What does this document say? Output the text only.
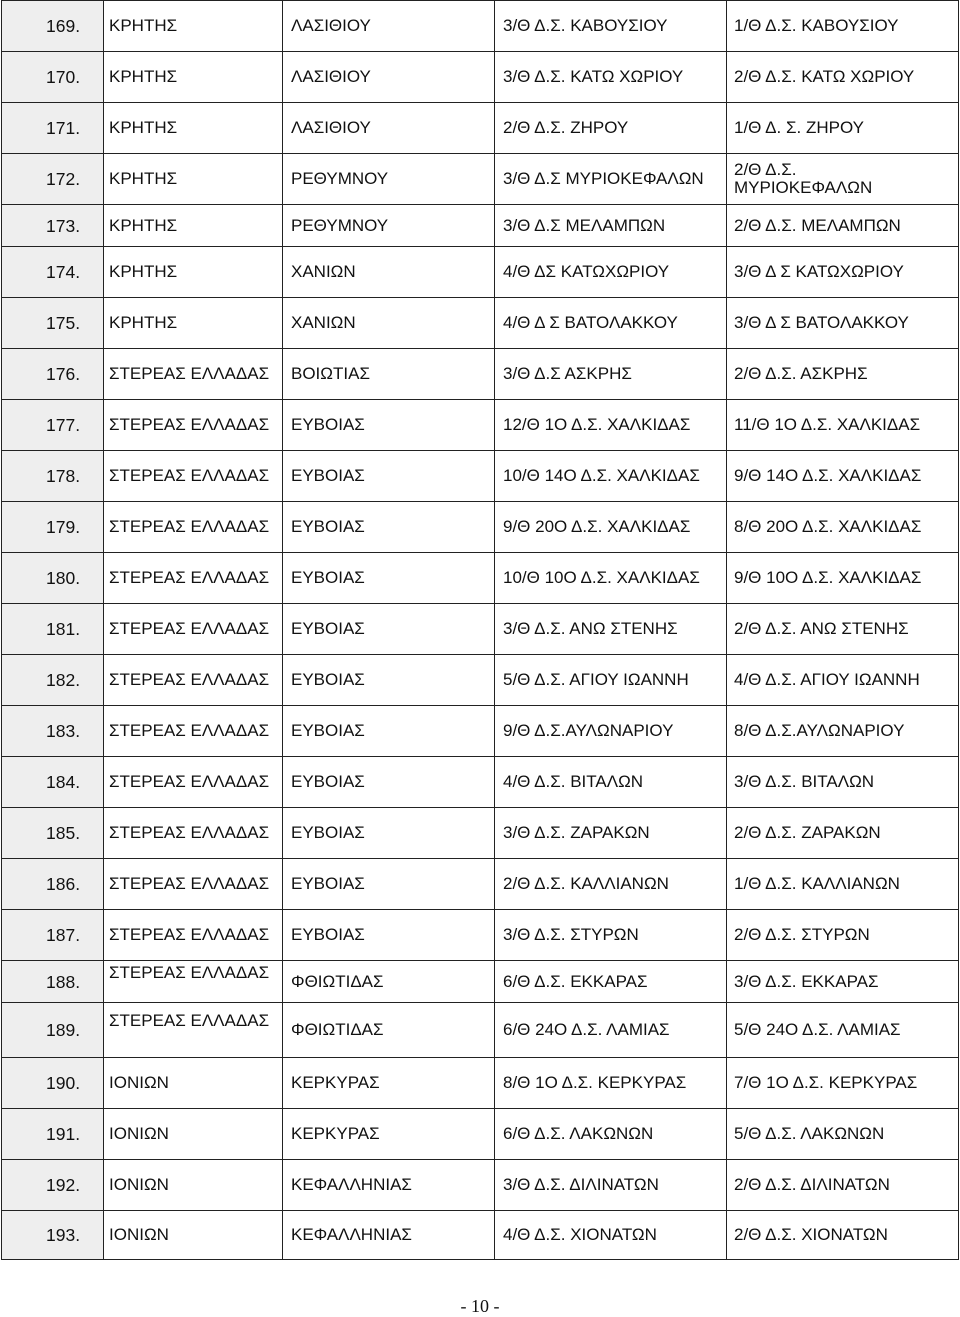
169.	ΚΡΗΤΗΣ	ΛΑΣΙΘΙΟΥ	3/Θ Δ.Σ. ΚΑΒΟΥΣΙΟΥ	1/Θ Δ.Σ. ΚΑΒΟΥΣΙΟΥ
170.	ΚΡΗΤΗΣ	ΛΑΣΙΘΙΟΥ	3/Θ Δ.Σ. ΚΑΤΩ ΧΩΡΙΟΥ	2/Θ Δ.Σ. ΚΑΤΩ ΧΩΡΙΟΥ
171.	ΚΡΗΤΗΣ	ΛΑΣΙΘΙΟΥ	2/Θ Δ.Σ. ΖΗΡΟΥ	1/Θ Δ. Σ. ΖΗΡΟΥ
172.	ΚΡΗΤΗΣ	ΡΕΘΥΜΝΟΥ	3/Θ Δ.Σ ΜΥΡΙΟΚΕΦΑΛΩΝ	2/Θ Δ.Σ.
ΜΥΡΙΟΚΕΦΑΛΩΝ

173.	ΚΡΗΤΗΣ	ΡΕΘΥΜΝΟΥ	3/Θ Δ.Σ ΜΕΛΑΜΠΩΝ	2/Θ Δ.Σ. ΜΕΛΑΜΠΩΝ
174.	ΚΡΗΤΗΣ	ΧΑΝΙΩΝ	4/Θ ΔΣ ΚΑΤΩΧΩΡΙΟΥ	3/Θ Δ Σ ΚΑΤΩΧΩΡΙΟΥ
175.	ΚΡΗΤΗΣ	ΧΑΝΙΩΝ	4/Θ Δ Σ ΒΑΤΟΛΑΚΚΟΥ	3/Θ Δ Σ ΒΑΤΟΛΑΚΚΟΥ
176.	ΣΤΕΡΕΑΣ ΕΛΛΑΔΑΣ	ΒΟΙΩΤΙΑΣ	3/Θ Δ.Σ ΑΣΚΡΗΣ	2/Θ Δ.Σ. ΑΣΚΡΗΣ
177.	ΣΤΕΡΕΑΣ ΕΛΛΑΔΑΣ	ΕΥΒΟΙΑΣ	12/Θ 1Ο Δ.Σ. ΧΑΛΚΙΔΑΣ	11/Θ 1Ο Δ.Σ. ΧΑΛΚΙΔΑΣ
178.	ΣΤΕΡΕΑΣ ΕΛΛΑΔΑΣ	ΕΥΒΟΙΑΣ	10/Θ 14Ο Δ.Σ. ΧΑΛΚΙΔΑΣ	9/Θ 14Ο Δ.Σ. ΧΑΛΚΙΔΑΣ
179.	ΣΤΕΡΕΑΣ ΕΛΛΑΔΑΣ	ΕΥΒΟΙΑΣ	9/Θ 20Ο Δ.Σ. ΧΑΛΚΙΔΑΣ	8/Θ 20Ο Δ.Σ. ΧΑΛΚΙΔΑΣ
180.	ΣΤΕΡΕΑΣ ΕΛΛΑΔΑΣ	ΕΥΒΟΙΑΣ	10/Θ 10Ο Δ.Σ. ΧΑΛΚΙΔΑΣ	9/Θ 10Ο Δ.Σ. ΧΑΛΚΙΔΑΣ
181.	ΣΤΕΡΕΑΣ ΕΛΛΑΔΑΣ	ΕΥΒΟΙΑΣ	3/Θ Δ.Σ. ΑΝΩ ΣΤΕΝΗΣ	2/Θ Δ.Σ. ΑΝΩ ΣΤΕΝΗΣ
182.	ΣΤΕΡΕΑΣ ΕΛΛΑΔΑΣ	ΕΥΒΟΙΑΣ	5/Θ Δ.Σ. ΑΓΙΟΥ ΙΩΑΝΝΗ	4/Θ Δ.Σ. ΑΓΙΟΥ ΙΩΑΝΝΗ
183.	ΣΤΕΡΕΑΣ ΕΛΛΑΔΑΣ	ΕΥΒΟΙΑΣ	9/Θ Δ.Σ.ΑΥΛΩΝΑΡΙΟΥ	8/Θ Δ.Σ.ΑΥΛΩΝΑΡΙΟΥ
184.	ΣΤΕΡΕΑΣ ΕΛΛΑΔΑΣ	ΕΥΒΟΙΑΣ	4/Θ Δ.Σ. ΒΙΤΑΛΩΝ	3/Θ Δ.Σ. ΒΙΤΑΛΩΝ
185.	ΣΤΕΡΕΑΣ ΕΛΛΑΔΑΣ	ΕΥΒΟΙΑΣ	3/Θ Δ.Σ. ΖΑΡΑΚΩΝ	2/Θ Δ.Σ. ΖΑΡΑΚΩΝ
186.	ΣΤΕΡΕΑΣ ΕΛΛΑΔΑΣ	ΕΥΒΟΙΑΣ	2/Θ Δ.Σ. ΚΑΛΛΙΑΝΩΝ	1/Θ Δ.Σ. ΚΑΛΛΙΑΝΩΝ
187.	ΣΤΕΡΕΑΣ ΕΛΛΑΔΑΣ	ΕΥΒΟΙΑΣ	3/Θ Δ.Σ. ΣΤΥΡΩΝ	2/Θ Δ.Σ. ΣΤΥΡΩΝ
188.	ΣΤΕΡΕΑΣ ΕΛΛΑΔΑΣ	ΦΘΙΩΤΙΔΑΣ	6/Θ Δ.Σ. ΕΚΚΑΡΑΣ	3/Θ Δ.Σ. ΕΚΚΑΡΑΣ
189.	ΣΤΕΡΕΑΣ ΕΛΛΑΔΑΣ	ΦΘΙΩΤΙΔΑΣ	6/Θ 24Ο Δ.Σ. ΛΑΜΙΑΣ	5/Θ 24Ο Δ.Σ. ΛΑΜΙΑΣ
190.	ΙΟΝΙΩΝ	ΚΕΡΚΥΡΑΣ	8/Θ 1Ο Δ.Σ. ΚΕΡΚΥΡΑΣ	7/Θ 1Ο Δ.Σ. ΚΕΡΚΥΡΑΣ
191.	ΙΟΝΙΩΝ	ΚΕΡΚΥΡΑΣ	6/Θ Δ.Σ. ΛΑΚΩΝΩΝ	5/Θ Δ.Σ. ΛΑΚΩΝΩΝ
192.	ΙΟΝΙΩΝ	ΚΕΦΑΛΛΗΝΙΑΣ	3/Θ Δ.Σ. ΔΙΛΙΝΑΤΩΝ	2/Θ Δ.Σ. ΔΙΛΙΝΑΤΩΝ
193.	ΙΟΝΙΩΝ	ΚΕΦΑΛΛΗΝΙΑΣ	4/Θ Δ.Σ. ΧΙΟΝΑΤΩΝ	2/Θ Δ.Σ. ΧΙΟΝΑΤΩΝ
- 10 -
